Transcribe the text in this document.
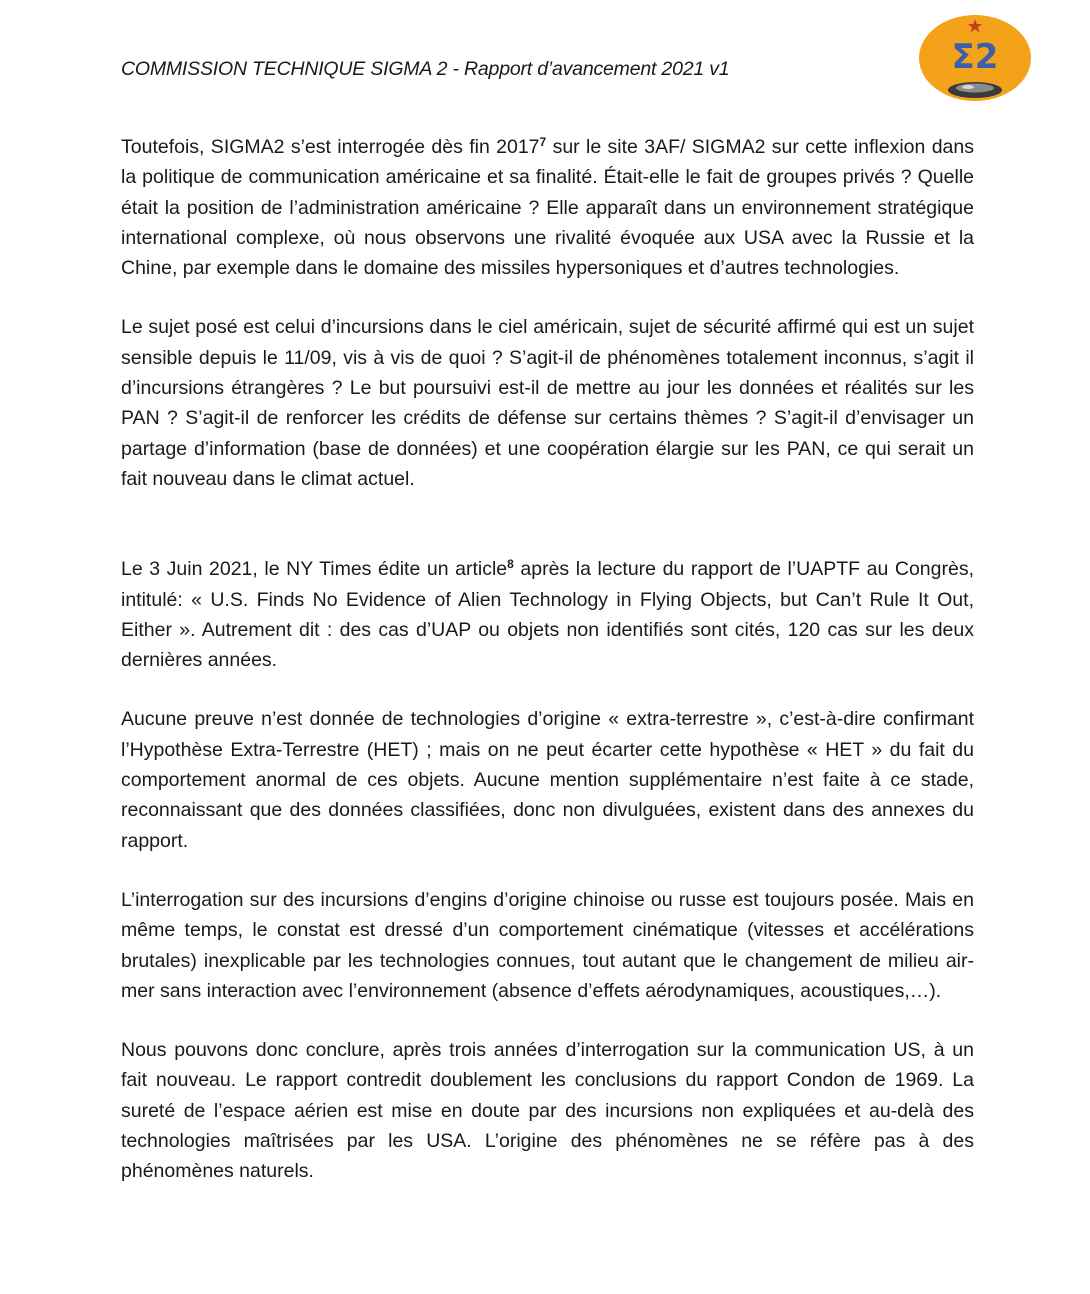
COMMISSION TECHNIQUE SIGMA 2 - Rapport d’avancement 2021 v1	Σ2

Toutefois, SIGMA2 s’est interrogée dès fin 2017$^7$ sur le site 3AF/ SIGMA2 sur cette inflexion dans la politique de communication américaine et sa finalité. Était-elle le fait de groupes privés ? Quelle était la position de l’administration américaine ? Elle apparaît dans un environnement stratégique international complexe, où nous observons une rivalité évoquée aux USA avec la Russie et la Chine, par exemple dans le domaine des missiles hypersoniques et d’autres technologies.

Le sujet posé est celui d’incursions dans le ciel américain, sujet de sécurité affirmé qui est un sujet sensible depuis le 11/09, vis à vis de quoi ? S’agit-il de phénomènes totalement inconnus, s’agit il d’incursions étrangères ? Le but poursuivi est-il de mettre au jour les données et réalités sur les PAN ? S’agit-il de renforcer les crédits de défense sur certains thèmes ? S’agit-il d’envisager un partage d’information (base de données) et une coopération élargie sur les PAN, ce qui serait un fait nouveau dans le climat actuel.

Le 3 Juin 2021, le NY Times édite un article$^8$ après la lecture du rapport de l’UAPTF au Congrès, intitulé: « U.S. Finds No Evidence of Alien Technology in Flying Objects, but Can’t Rule It Out, Either ». Autrement dit : des cas d’UAP ou objets non identifiés sont cités, 120 cas sur les deux dernières années.

Aucune preuve n’est donnée de technologies d’origine « extra-terrestre », c’est-à-dire confirmant l’Hypothèse Extra-Terrestre (HET) ; mais on ne peut écarter cette hypothèse « HET » du fait du comportement anormal de ces objets. Aucune mention supplémentaire n’est faite à ce stade, reconnaissant que des données classifiées, donc non divulguées, existent dans des annexes du rapport.

L’interrogation sur des incursions d’engins d’origine chinoise ou russe est toujours posée. Mais en même temps, le constat est dressé d’un comportement cinématique (vitesses et accélérations brutales) inexplicable par les technologies connues, tout autant que le changement de milieu air-mer sans interaction avec l’environnement (absence d’effets aérodynamiques, acoustiques,…).

Nous pouvons donc conclure, après trois années d’interrogation sur la communication US, à un fait nouveau. Le rapport contredit doublement les conclusions du rapport Condon de 1969. La sureté de l’espace aérien est mise en doute par des incursions non expliquées et au-delà des technologies maîtrisées par les USA. L’origine des phénomènes ne se réfère pas à des phénomènes naturels.
